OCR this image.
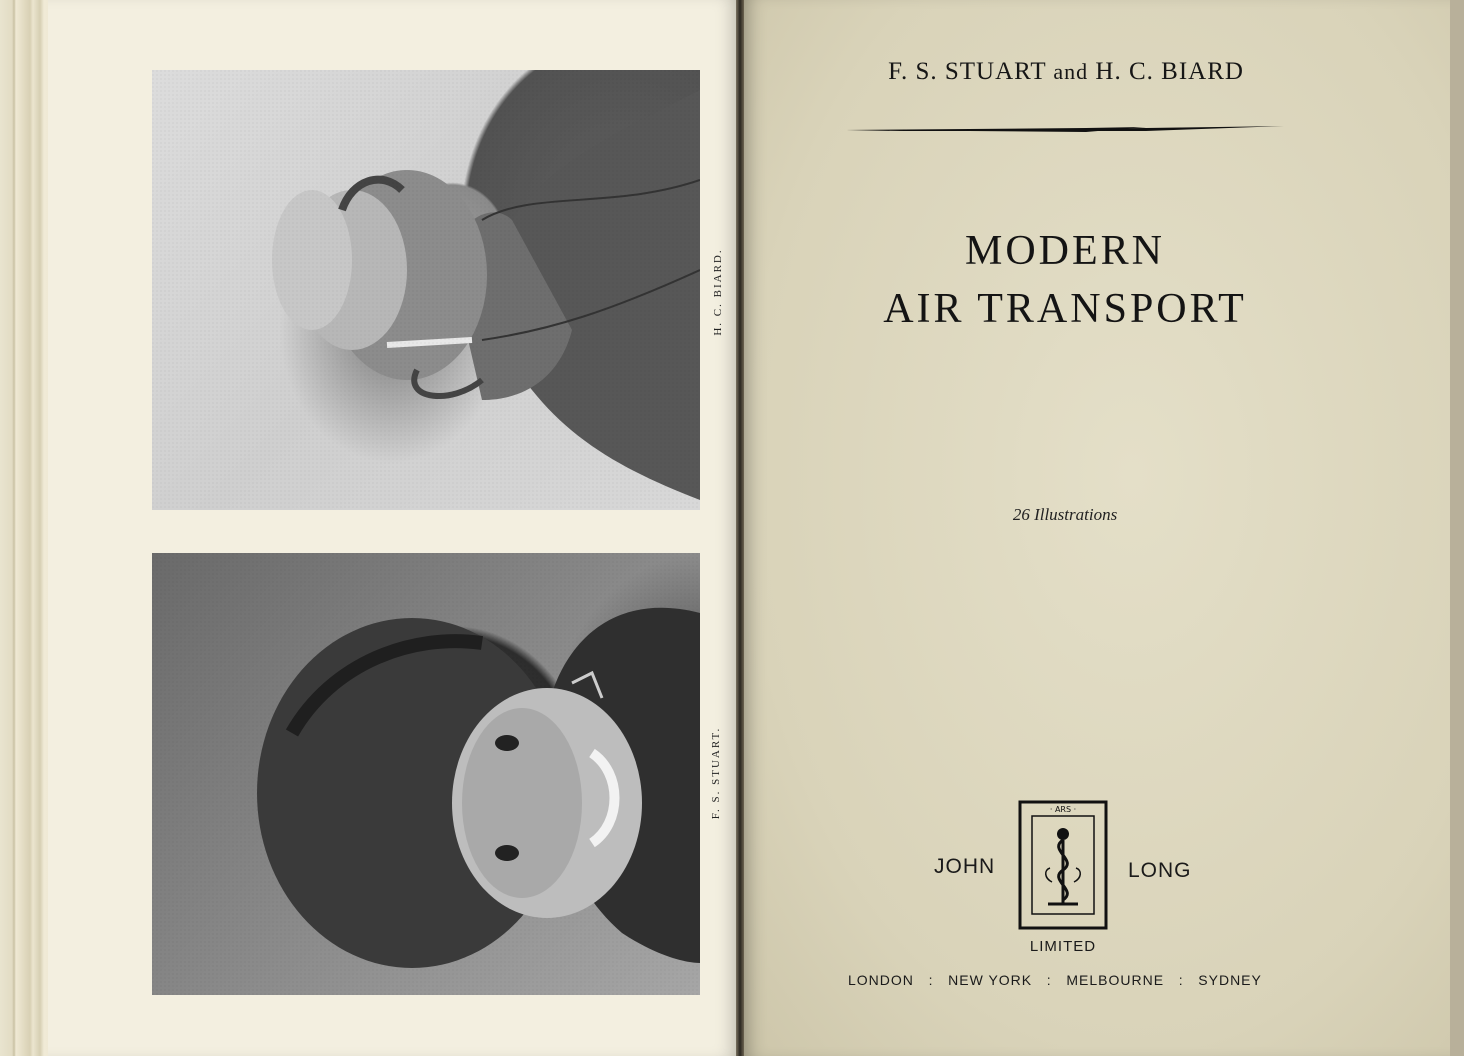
H. C. BIARD.
F. S. STUART.
F. S. STUART and H. C. BIARD
MODERN
AIR TRANSPORT
26 Illustrations
JOHN
· ARS ·
LONG
LIMITED
LONDON : NEW YORK : MELBOURNE : SYDNEY
